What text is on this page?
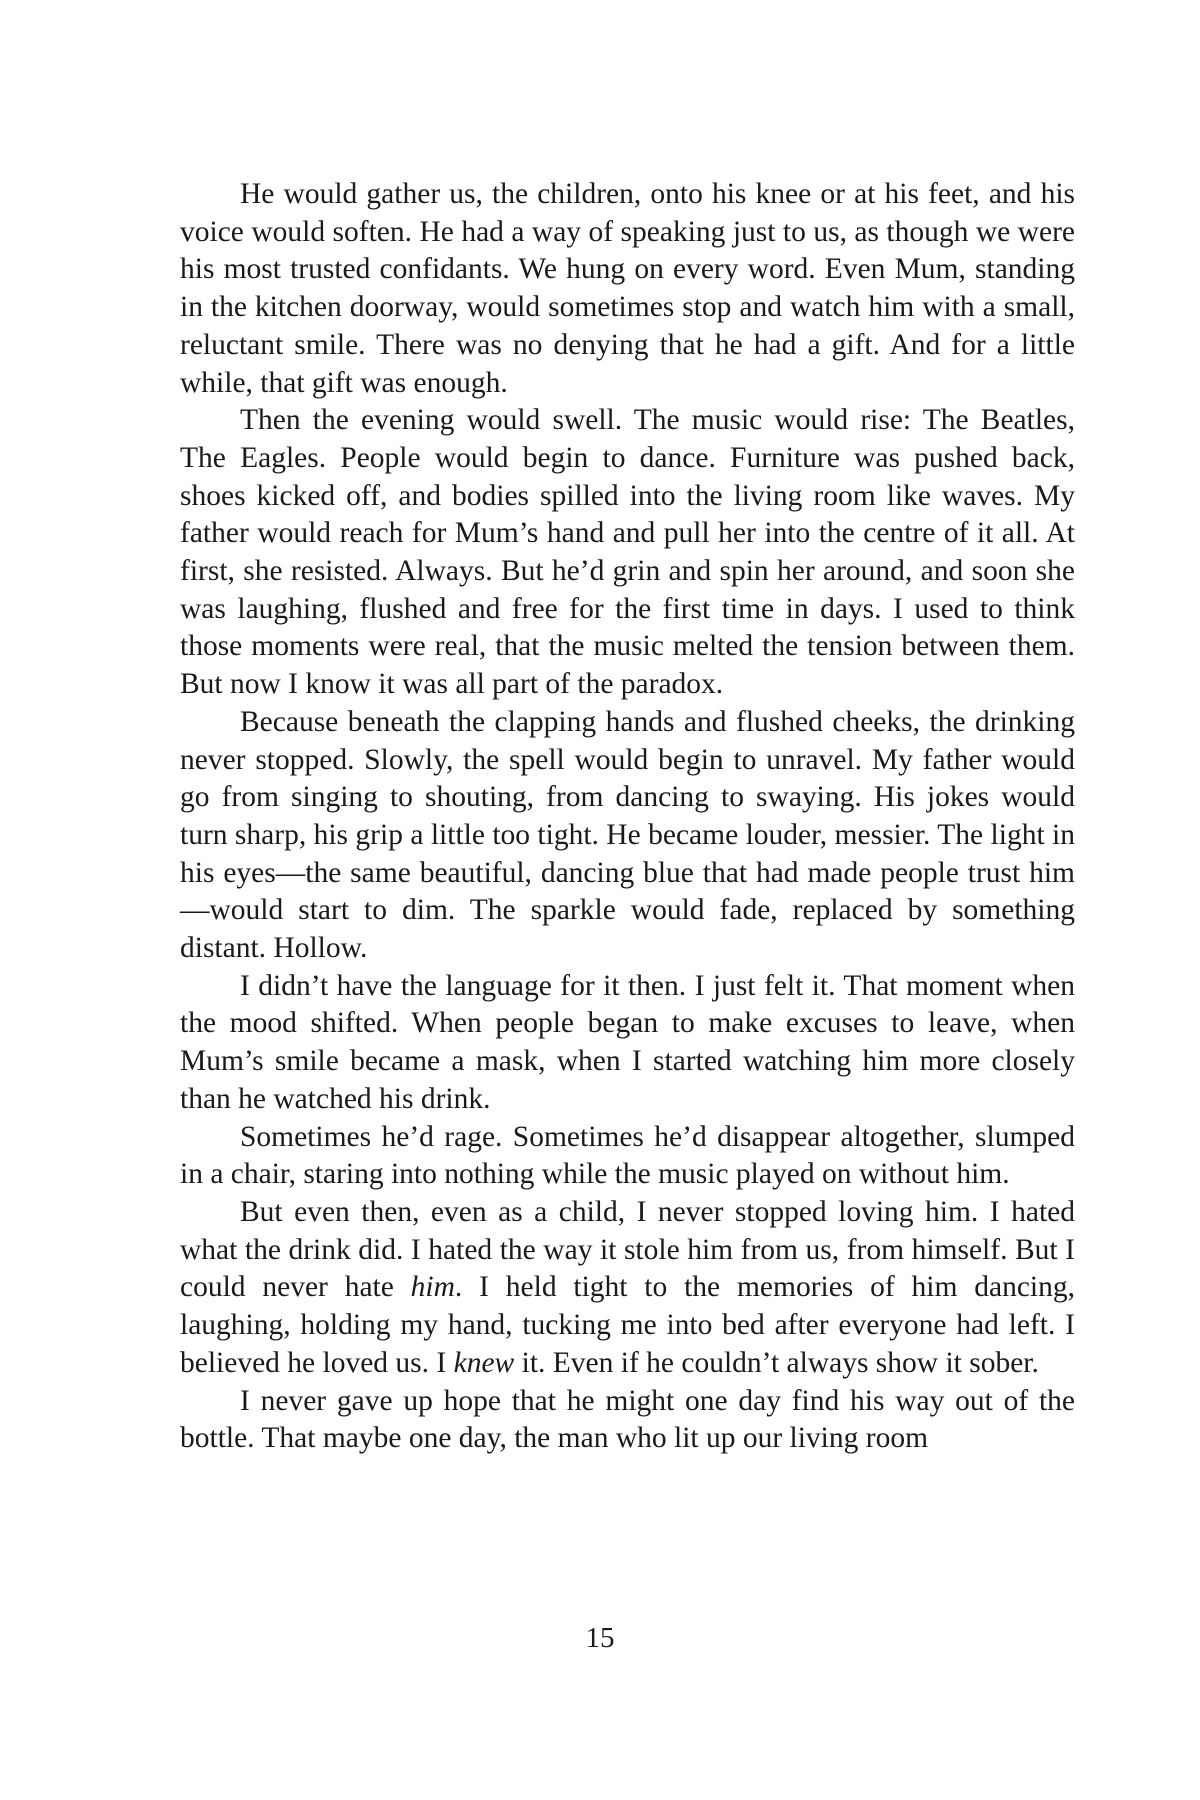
He would gather us, the children, onto his knee or at his feet, and his voice would soften. He had a way of speaking just to us, as though we were his most trusted confidants. We hung on every word. Even Mum, standing in the kitchen doorway, would sometimes stop and watch him with a small, reluctant smile. There was no denying that he had a gift. And for a little while, that gift was enough.

Then the evening would swell. The music would rise: The Beatles, The Eagles. People would begin to dance. Furniture was pushed back, shoes kicked off, and bodies spilled into the living room like waves. My father would reach for Mum’s hand and pull her into the centre of it all. At first, she resisted. Always. But he’d grin and spin her around, and soon she was laughing, flushed and free for the first time in days. I used to think those moments were real, that the music melted the tension between them. But now I know it was all part of the paradox.

Because beneath the clapping hands and flushed cheeks, the drinking never stopped. Slowly, the spell would begin to unravel. My father would go from singing to shouting, from dancing to swaying. His jokes would turn sharp, his grip a little too tight. He became louder, messier. The light in his eyes—the same beautiful, dancing blue that had made people trust him—would start to dim. The sparkle would fade, replaced by something distant. Hollow.

I didn’t have the language for it then. I just felt it. That moment when the mood shifted. When people began to make excuses to leave, when Mum’s smile became a mask, when I started watching him more closely than he watched his drink.

Sometimes he’d rage. Sometimes he’d disappear altogether, slumped in a chair, staring into nothing while the music played on without him.

But even then, even as a child, I never stopped loving him. I hated what the drink did. I hated the way it stole him from us, from himself. But I could never hate him. I held tight to the memories of him dancing, laughing, holding my hand, tucking me into bed after everyone had left. I believed he loved us. I knew it. Even if he couldn’t always show it sober.

I never gave up hope that he might one day find his way out of the bottle. That maybe one day, the man who lit up our living room

15
